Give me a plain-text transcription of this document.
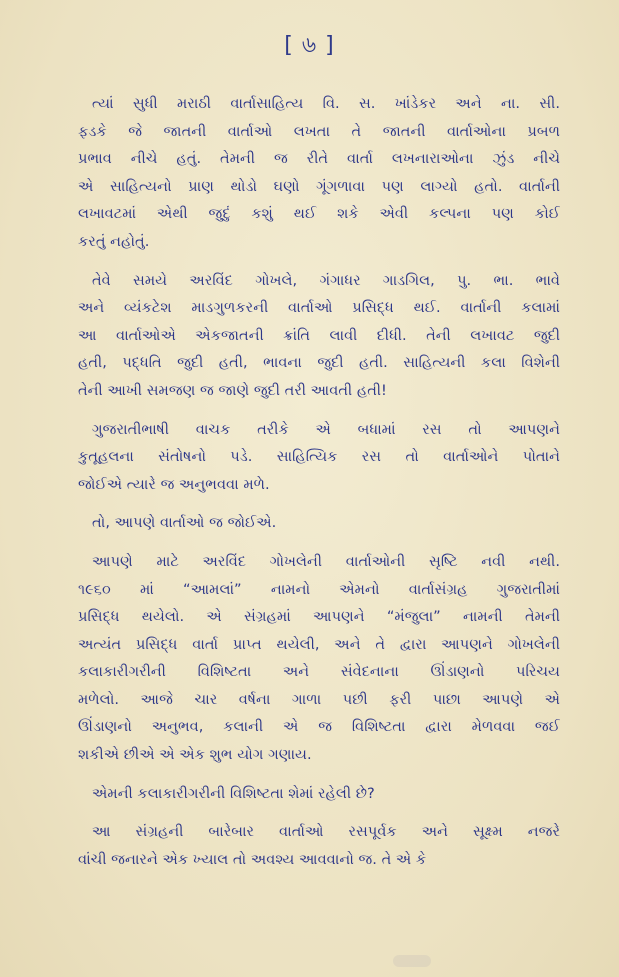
[ ৬ ]
ત્યાં સુધી મરાઠી વાર્તાસાહિત્ય વિ. સ. ખાંડેકર અને ના. સી.
ફડકે જે જાતની વાર્તાઓ લખતા તે જાતની વાર્તાઓના પ્રબળ
પ્રભાવ નીચે હતું. તેમની જ રીતે વાર્તા લખનારાઓના ઝુંડ નીચે
એ સાહિત્યનો પ્રાણ થોડો ઘણો ગૂંગળાવા પણ લાગ્યો હતો. વાર્તાની
લખાવટમાં એથી જુદું કશું થઈ શકે એવી કલ્પના પણ કોઈ
કરતું નહોતું.
તેવે સમયે અરવિંદ ગોખલે, ગંગાધર ગાડગિલ, પુ. ભા. ભાવે
અને વ્યંકટેશ માડગુળકરની વાર્તાઓ પ્રસિદ્ધ થઈ. વાર્તાની કલામાં
આ વાર્તાઓએ એકજાતની ક્રાંતિ લાવી દીધી. તેની લખાવટ જુદી
હતી, પદ્ધતિ જુદી હતી, ભાવના જુદી હતી. સાહિત્યની કલા વિશેની
તેની આખી સમજણ જ જાણે જુદી તરી આવતી હતી!
ગુજરાતીભાષી વાચક તરીકે એ બધામાં રસ તો આપણને
કુતૂહલના સંતોષનો પડે. સાહિત્યિક રસ તો વાર્તાઓને પોતાને
જોઈએ ત્યારે જ અનુભવવા મળે.
તો, આપણે વાર્તાઓ જ જોઈએ.
આપણે માટે અરવિંદ ગોખલેની વાર્તાઓની સૃષ્ટિ નવી નથી.
૧૯૬૦ માં “આમલાં” નામનો એમનો વાર્તાસંગ્રહ ગુજરાતીમાં
પ્રસિદ્ધ થયેલો. એ સંગ્રહમાં આપણને “મંજુલા” નામની તેમની
અત્યંત પ્રસિદ્ધ વાર્તા પ્રાપ્ત થયેલી, અને તે દ્વારા આપણને ગોખલેની
કલાકારીગરીની વિશિષ્ટતા અને સંવેદનાના ઊંડાણનો પરિચય
મળેલો. આજે ચાર વર્ષના ગાળા પછી ફરી પાછા આપણે એ
ઊંડાણનો અનુભવ, કલાની એ જ વિશિષ્ટતા દ્વારા મેળવવા જઈ
શકીએ છીએ એ એક શુભ યોગ ગણાય.
એમની કલાકારીગરીની વિશિષ્ટતા શેમાં રહેલી છે?
આ સંગ્રહની બારેબાર વાર્તાઓ રસપૂર્વક અને સૂક્ષ્મ નજરે
વાંચી જનારને એક ખ્યાલ તો અવશ્ય આવવાનો જ. તે એ કે
